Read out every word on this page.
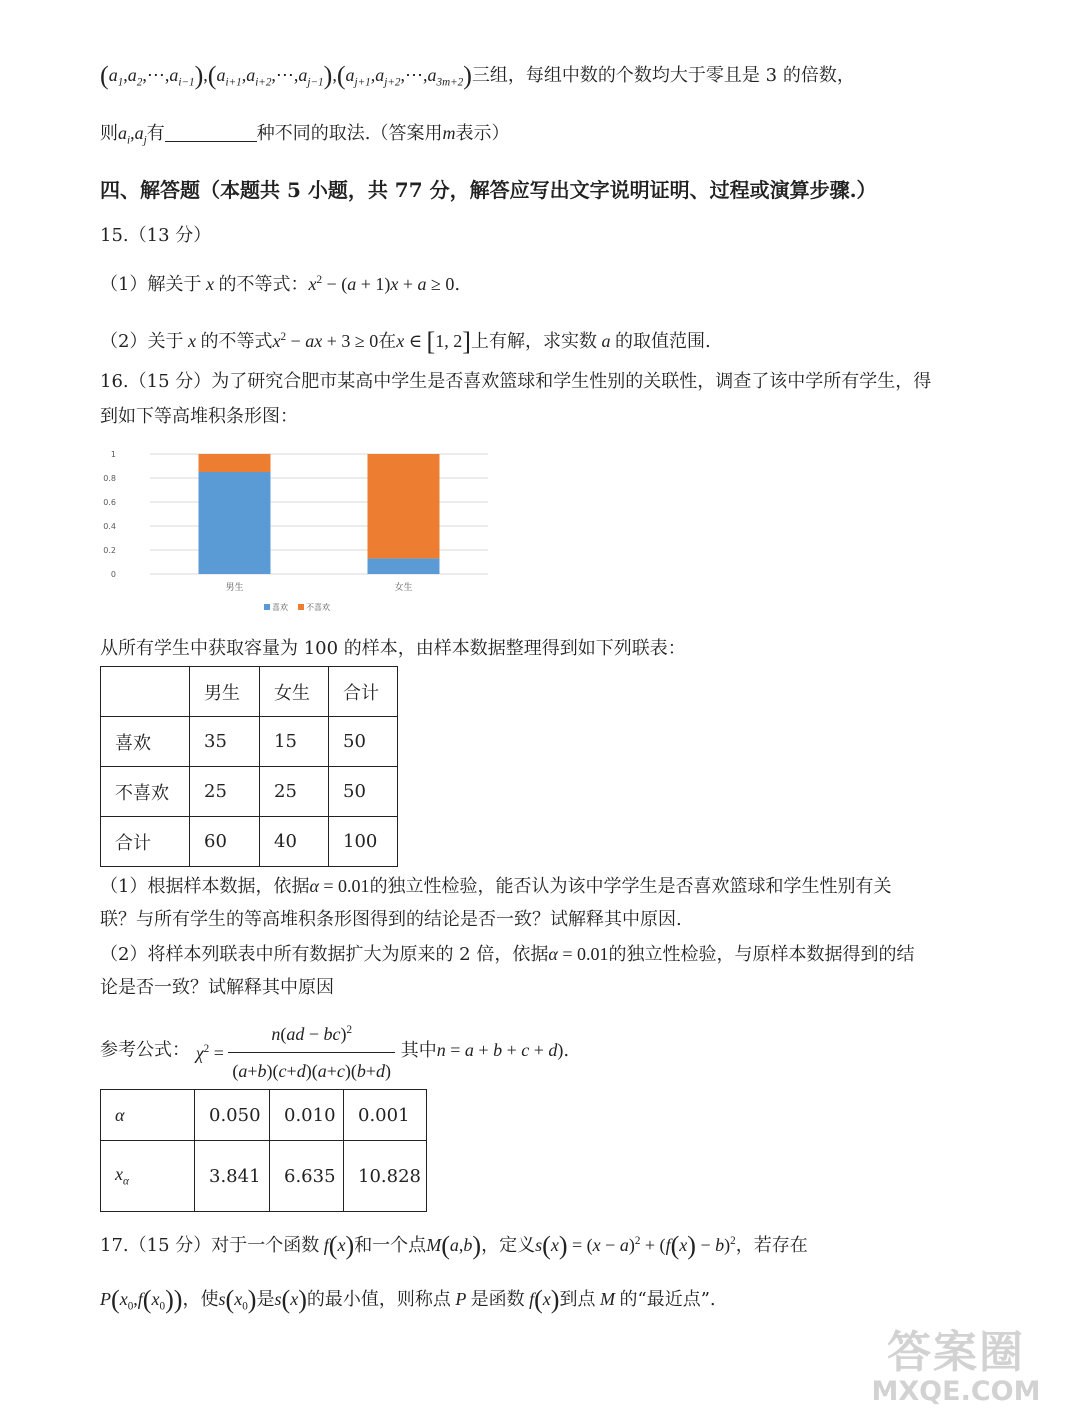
$(a_1,a_2,\cdots,a_{i-1}),(a_{i+1},a_{i+2},\cdots,a_{j-1}),(a_{j+1},a_{j+2},\cdots,a_{3m+2})$三组，每组中数的个数均大于零且是 3 的倍数，
则$a_i,a_j$有	种不同的取法.（答案用m表示）
四、解答题（本题共 5 小题，共 77 分，解答应写出文字说明证明、过程或演算步骤.）
15.（13 分）
（1）解关于 x 的不等式：$x^2 - (a + 1)x + a \ge 0$.
（2）关于 x 的不等式$x^2$ − ax + 3 ≥ 0在x ∈ [1, 2]上有解，求实数 a 的取值范围.
16.（15 分）为了研究合肥市某高中学生是否喜欢篮球和学生性别的关联性，调查了该中学所有学生，得
到如下等高堆积条形图：
0
0.2
0.4
0.6
0.8
1
男生	女生
喜欢 不喜欢
从所有学生中获取容量为 100 的样本，由样本数据整理得到如下列联表：
	男生	女生	合计
喜欢	35	15	50
不喜欢	25	25	50
合计	60	40	100
（1）根据样本数据，依据α = 0.01的独立性检验，能否认为该中学学生是否喜欢篮球和学生性别有关
联？与所有学生的等高堆积条形图得到的结论是否一致？试解释其中原因.
（2）将样本列联表中所有数据扩大为原来的 2 倍，依据α = 0.01的独立性检验，与原样本数据得到的结
论是否一致？试解释其中原因
参考公式： $\chi^2 = \frac{n(ad - bc)^2}{(a+b)(c+d)(a+c)(b+d)}$ 其中n = a + b + c + d).
α	0.050	0.010	0.001
$x_\alpha$	3.841	6.635	10.828
17.（15 分）对于一个函数 f(x)和一个点M(a,b)，定义$s(x) = (x - a)^2 + (f(x) - b)^2$，若存在
$P(x_0,f(x_0))$，使$s(x_0)$是s(x)的最小值，则称点 P 是函数 f(x)到点 M 的“最近点”.
答案圈
MXQE.COM
